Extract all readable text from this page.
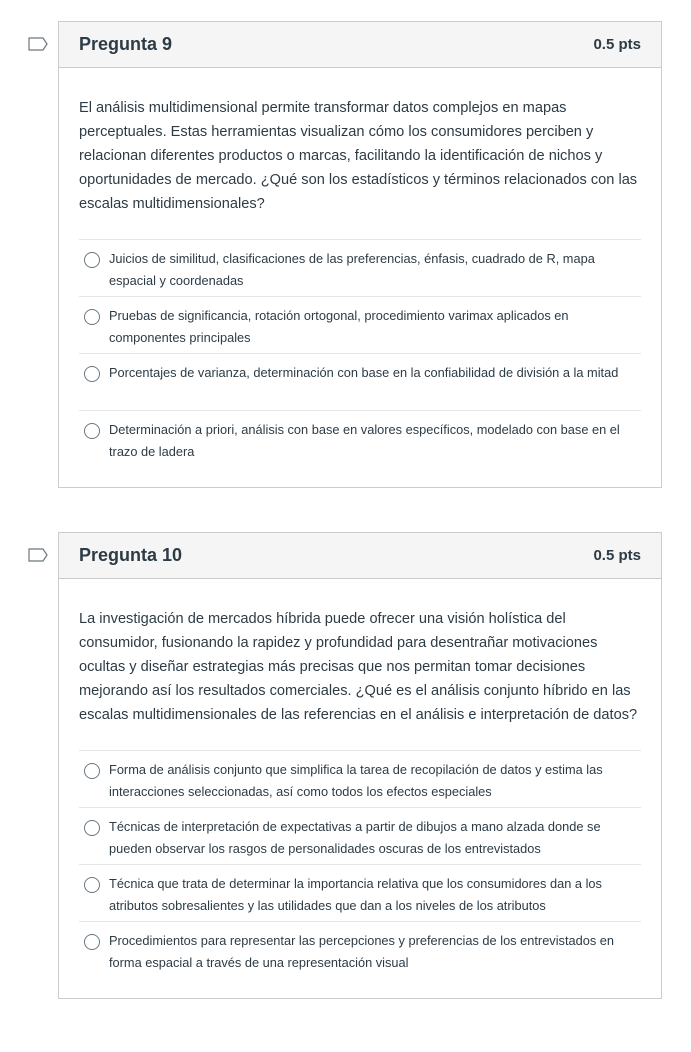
Pregunta 9	0.5 pts
El análisis multidimensional permite transformar datos complejos en mapas perceptuales. Estas herramientas visualizan cómo los consumidores perciben y relacionan diferentes productos o marcas, facilitando la identificación de nichos y oportunidades de mercado. ¿Qué son los estadísticos y términos relacionados con las escalas multidimensionales?
Juicios de similitud, clasificaciones de las preferencias, énfasis, cuadrado de R, mapa espacial y coordenadas
Pruebas de significancia, rotación ortogonal, procedimiento varimax aplicados en componentes principales
Porcentajes de varianza, determinación con base en la confiabilidad de división a la mitad
Determinación a priori, análisis con base en valores específicos, modelado con base en el trazo de ladera
Pregunta 10	0.5 pts
La investigación de mercados híbrida puede ofrecer una visión holística del consumidor, fusionando la rapidez y profundidad para desentrañar motivaciones ocultas y diseñar estrategias más precisas que nos permitan tomar decisiones mejorando así los resultados comerciales. ¿Qué es el análisis conjunto híbrido en las escalas multidimensionales de las referencias en el análisis e interpretación de datos?
Forma de análisis conjunto que simplifica la tarea de recopilación de datos y estima las interacciones seleccionadas, así como todos los efectos especiales
Técnicas de interpretación de expectativas a partir de dibujos a mano alzada donde se pueden observar los rasgos de personalidades oscuras de los entrevistados
Técnica que trata de determinar la importancia relativa que los consumidores dan a los atributos sobresalientes y las utilidades que dan a los niveles de los atributos
Procedimientos para representar las percepciones y preferencias de los entrevistados en forma espacial a través de una representación visual
